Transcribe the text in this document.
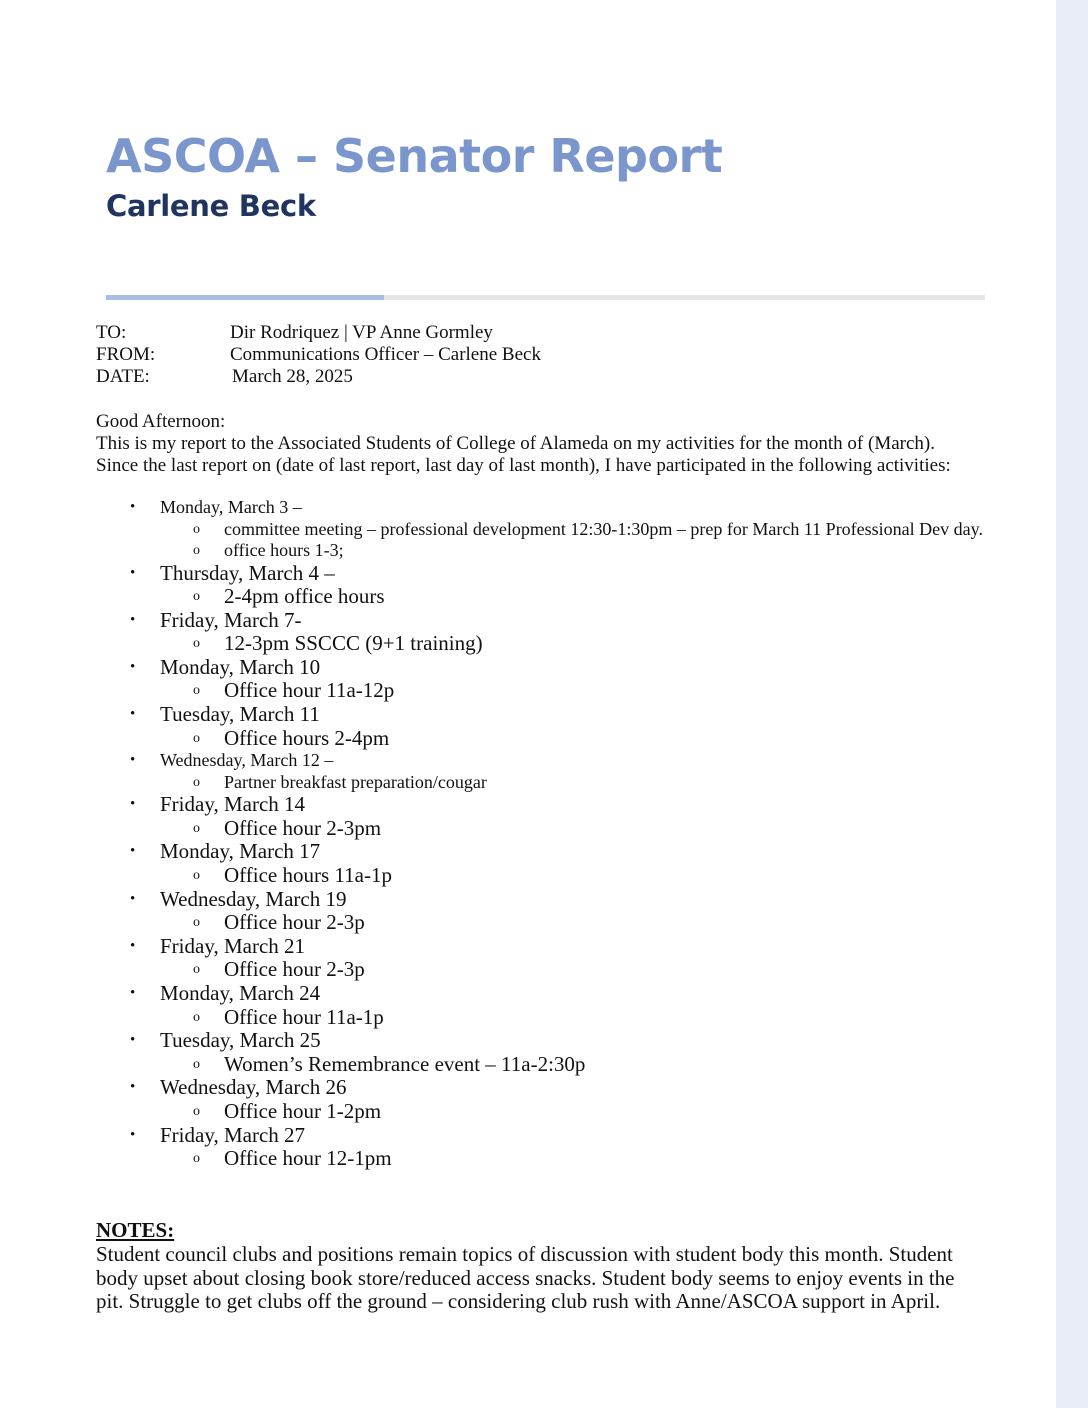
ASCOA – Senator Report
Carlene Beck
TO:	Dir Rodriquez | VP Anne Gormley
FROM:	Communications Officer – Carlene Beck
DATE:	March 28, 2025

Good Afternoon:

This is my report to the Associated Students of College of Alameda on my activities for the month of (March).

Since the last report on (date of last report, last day of last month), I have participated in the following activities:

• Monday, March 3 –
o committee meeting – professional development 12:30-1:30pm – prep for March 11 Professional Dev day.
o office hours 1-3;
• Thursday, March 4 –
o 2-4pm office hours
• Friday, March 7-
o 12-3pm SSCCC (9+1 training)
• Monday, March 10
o Office hour 11a-12p
• Tuesday, March 11
o Office hours 2-4pm
• Wednesday, March 12 –
o Partner breakfast preparation/cougar
• Friday, March 14
o Office hour 2-3pm
• Monday, March 17
o Office hours 11a-1p
• Wednesday, March 19
o Office hour 2-3p
• Friday, March 21
o Office hour 2-3p
• Monday, March 24
o Office hour 11a-1p
• Tuesday, March 25
o Women’s Remembrance event – 11a-2:30p
• Wednesday, March 26
o Office hour 1-2pm
• Friday, March 27
o Office hour 12-1pm
NOTES:

Student council clubs and positions remain topics of discussion with student body this month. Student body upset about closing book store/reduced access snacks. Student body seems to enjoy events in the pit. Struggle to get clubs off the ground – considering club rush with Anne/ASCOA support in April.
